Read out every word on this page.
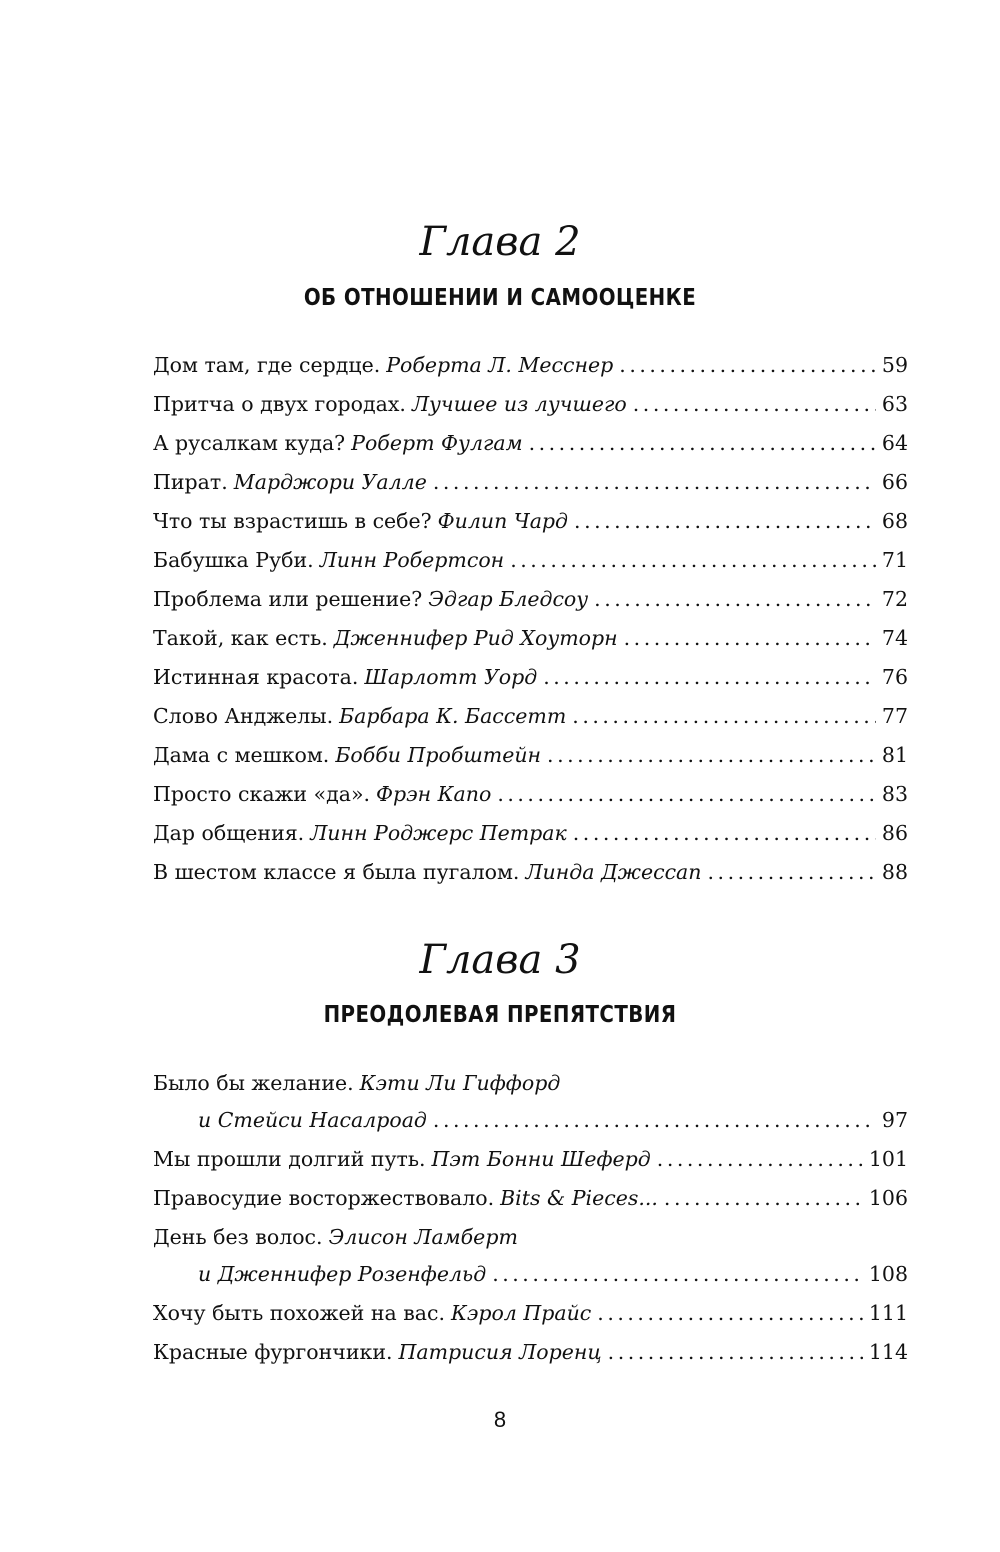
Глава 2
ОБ ОТНОШЕНИИ И САМООЦЕНКЕ
Дом там, где сердце. Роберта Л. Месснер . . .	59
Притча о двух городах. Лучшее из лучшего . . .	63
А русалкам куда? Роберт Фулгам . . .	64
Пират. Марджори Уалле . . .	66
Что ты взрастишь в себе? Филип Чард . . .	68
Бабушка Руби. Линн Робертсон . . .	71
Проблема или решение? Эдгар Бледсоу . . .	72
Такой, как есть. Дженнифер Рид Хоуторн . . .	74
Истинная красота. Шарлотт Уорд . . .	76
Слово Анджелы. Барбара К. Бассетт . . .	77
Дама с мешком. Бобби Пробштейн . . .	81
Просто скажи «да». Фрэн Капо . . .	83
Дар общения. Линн Роджерс Петрак . . .	86
В шестом классе я была пугалом. Линда Джессап . . .	88
Глава 3
ПРЕОДОЛЕВАЯ ПРЕПЯТСТВИЯ
Было бы желание. Кэти Ли Гиффорд
и Стейси Насалроад . . .	97
Мы прошли долгий путь. Пэт Бонни Шеферд . . .	101
Правосудие восторжествовало. Bits & Pieces... . . .	106
День без волос. Элисон Ламберт
и Дженнифер Розенфельд . . .	108
Хочу быть похожей на вас. Кэрол Прайс . . .	111
Красные фургончики. Патрисия Лоренц . . .	114
8
